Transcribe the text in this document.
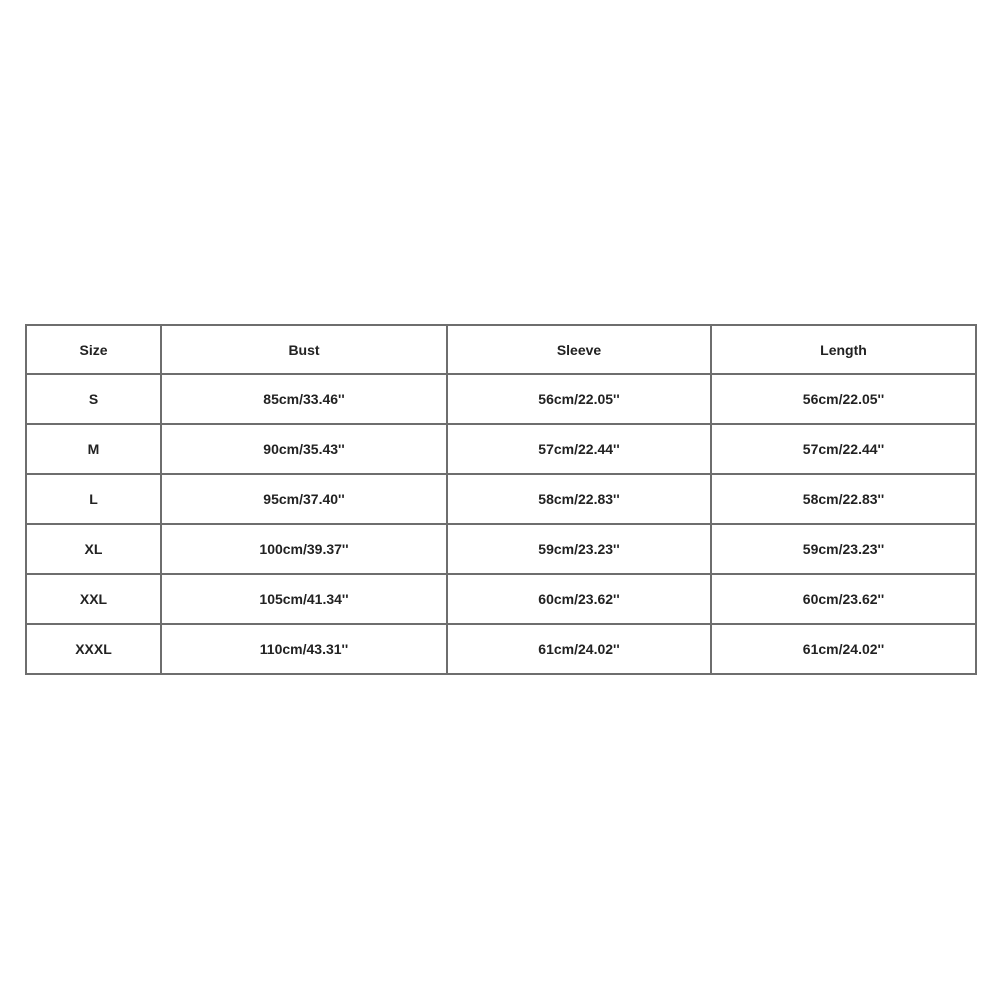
Size	Bust	Sleeve	Length
S	85cm/33.46''	56cm/22.05''	56cm/22.05''
M	90cm/35.43''	57cm/22.44''	57cm/22.44''
L	95cm/37.40''	58cm/22.83''	58cm/22.83''
XL	100cm/39.37''	59cm/23.23''	59cm/23.23''
XXL	105cm/41.34''	60cm/23.62''	60cm/23.62''
XXXL	110cm/43.31''	61cm/24.02''	61cm/24.02''
